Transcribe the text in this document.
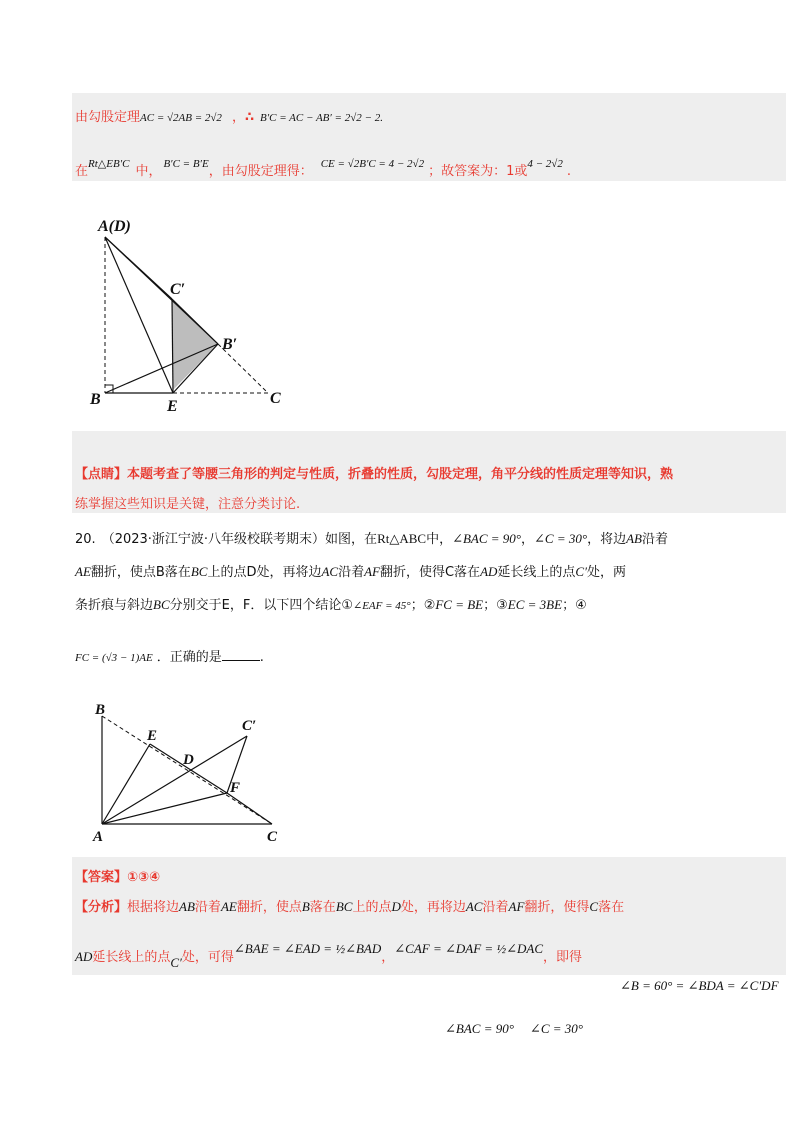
由勾股定理AC = √2AB = 2√2 ，∴ B′C = AC − AB′ = 2√2 − 2.
在$^{Rt\triangle EB'C}$ 中， $^{B'C = B'E}$，由勾股定理得： $^{CE = √2B'C = 4 - 2√2}$ ；故答案为：1或$^{4 - 2√2}$ .
A(D)
C′
B′
B	E	C
【点睛】本题考查了等腰三角形的判定与性质，折叠的性质，勾股定理，角平分线的性质定理等知识，熟
练掌握这些知识是关键，注意分类讨论.
20. （2023·浙江宁波·八年级校联考期末）如图，在Rt△ABC中，∠BAC = 90°，∠C = 30°，将边AB沿着
AE翻折，使点B落在BC上的点D处，再将边AC沿着AF翻折，使得C落在AD延长线上的点C′处，两
条折痕与斜边BC分别交于E，F．以下四个结论①∠EAF = 45°；②FC = BE；③EC = 3BE；④
FC = (√3 − 1)AE ．正确的是	.
B
E
D
C′
F
A	C
【答案】①③④
【分析】根据将边AB沿着AE翻折，使点B落在BC上的点D处，再将边AC沿着AF翻折，使得C落在
AD延长线上的点C′处，可得∠BAE = ∠EAD = ½∠BAD，∠CAF = ∠DAF = ½∠DAC，即得
∠B = 60° = ∠BDA = ∠C′DF
∠BAC = 90° ∠C = 30°
